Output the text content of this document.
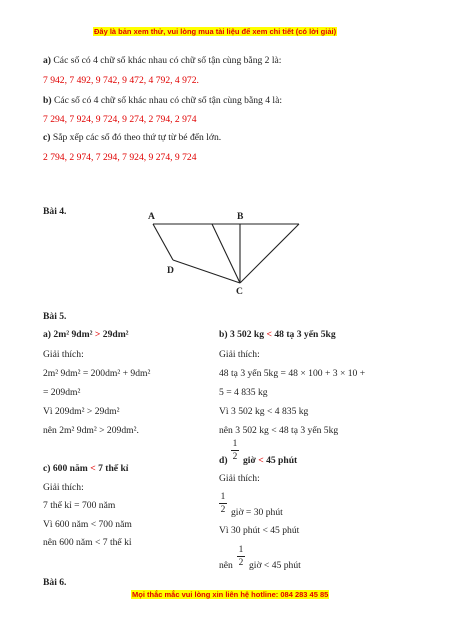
Đây là bản xem thử, vui lòng mua tài liệu để xem chi tiết (có lời giải)
a) Các số có 4 chữ số khác nhau có chữ số tận cùng bằng 2 là:
7 942, 7 492, 9 742, 9 472, 4 792, 4 972.
b) Các số có 4 chữ số khác nhau có chữ số tận cùng bằng 4 là:
7 294, 7 924, 9 724, 9 274, 2 794, 2 974
c) Sắp xếp các số đó theo thứ tự từ bé đến lớn.
2 794, 2 974, 7 294, 7 924, 9 274, 9 724
Bài 4.	A	B
D
C
Bài 5.
a) 2m² 9dm² > 29dm²
Giải thích:
2m² 9dm² = 200dm² + 9dm²
= 209dm²
Vì 209dm² > 29dm²
nên 2m² 9dm² > 209dm².
b) 3 502 kg < 48 tạ 3 yến 5kg
Giải thích:
48 tạ 3 yến 5kg = 48 × 100 + 3 × 10 +
5 = 4 835 kg
Vì 3 502 kg < 4 835 kg
nên 3 502 kg < 48 tạ 3 yến 5kg
c) 600 năm < 7 thế kỉ
Giải thích:
7 thế kỉ = 700 năm
Vì 600 năm < 700 năm
nên 600 năm < 7 thế kỉ
d)
1
2 giờ < 45 phút
Giải thích:
1
2 giờ = 30 phút
Vì 30 phút < 45 phút
nên
1
2 giờ < 45 phút
Bài 6.
Mọi thắc mắc vui lòng xin liên hệ hotline: 084 283 45 85
